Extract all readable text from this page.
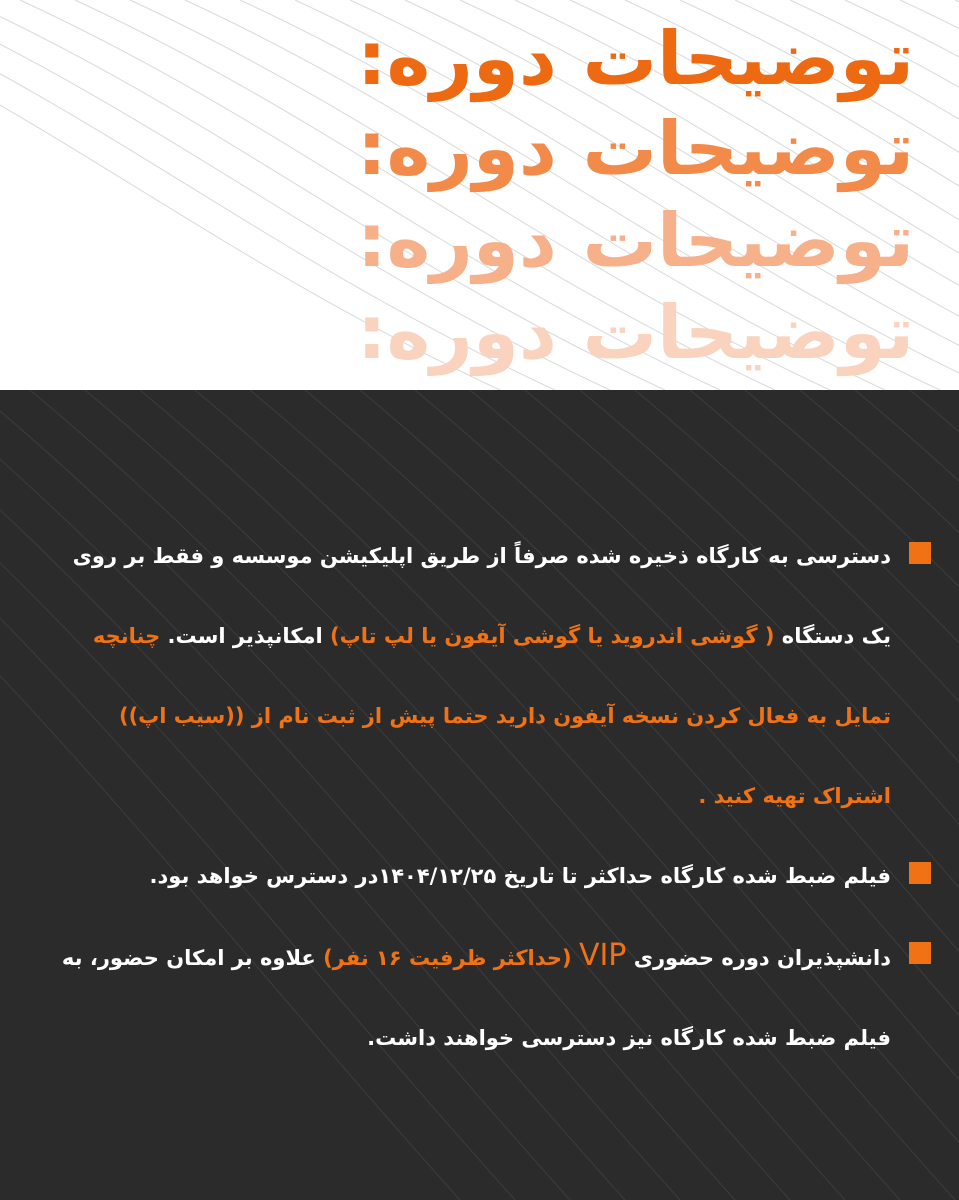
توضیحات دوره:
توضیحات دوره:
توضیحات دوره:
توضیحات دوره:

دسترسی به کارگاه ذخیره شده صرفاً از طریق اپلیکیشن موسسه و فقط بر روی یک دستگاه ( گوشی اندروید یا گوشی آیفون یا لپ تاپ) امکانپذیر است. چنانچه تمایل به فعال کردن نسخه آیفون دارید حتما پیش از ثبت نام از ((سیب اپ)) اشتراک تهیه کنید .

فیلم ضبط شده کارگاه حداکثر تا تاریخ ۱۴۰۴/۱۲/۲۵در دسترس خواهد بود.

دانشپذیران دوره حضوری VIP (حداکثر ظرفیت ۱۶ نفر) علاوه بر امکان حضور، به فیلم ضبط شده کارگاه نیز دسترسی خواهند داشت.
